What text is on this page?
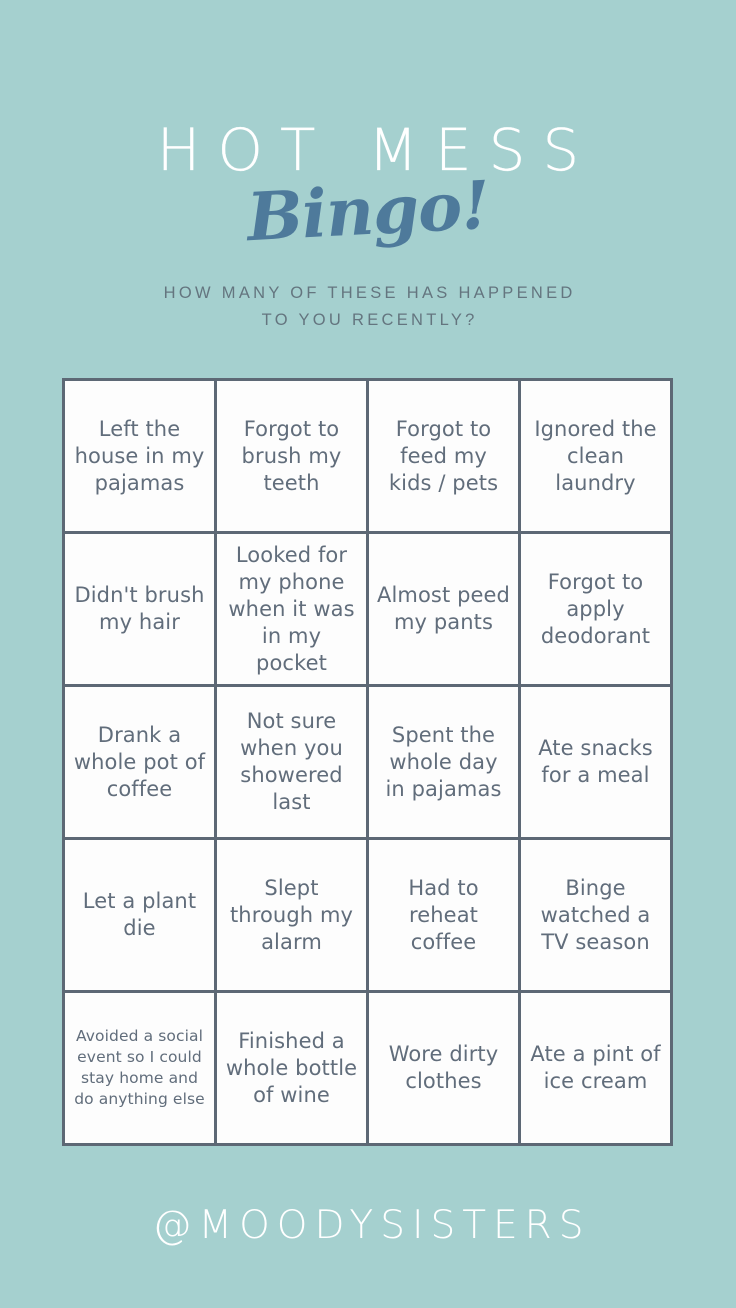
HOT MESS
Bingo!
HOW MANY OF THESE HAS HAPPENED
TO YOU RECENTLY?
Left the house in my pajamas
Forgot to brush my teeth
Forgot to feed my kids / pets
Ignored the clean laundry
Didn't brush my hair
Looked for my phone when it was in my pocket
Almost peed my pants
Forgot to apply deodorant
Drank a whole pot of coffee
Not sure when you showered last
Spent the whole day in pajamas
Ate snacks for a meal
Let a plant die
Slept through my alarm
Had to reheat coffee
Binge watched a TV season
Avoided a social event so I could stay home and do anything else
Finished a whole bottle of wine
Wore dirty clothes
Ate a pint of ice cream
@MOODYSISTERS
